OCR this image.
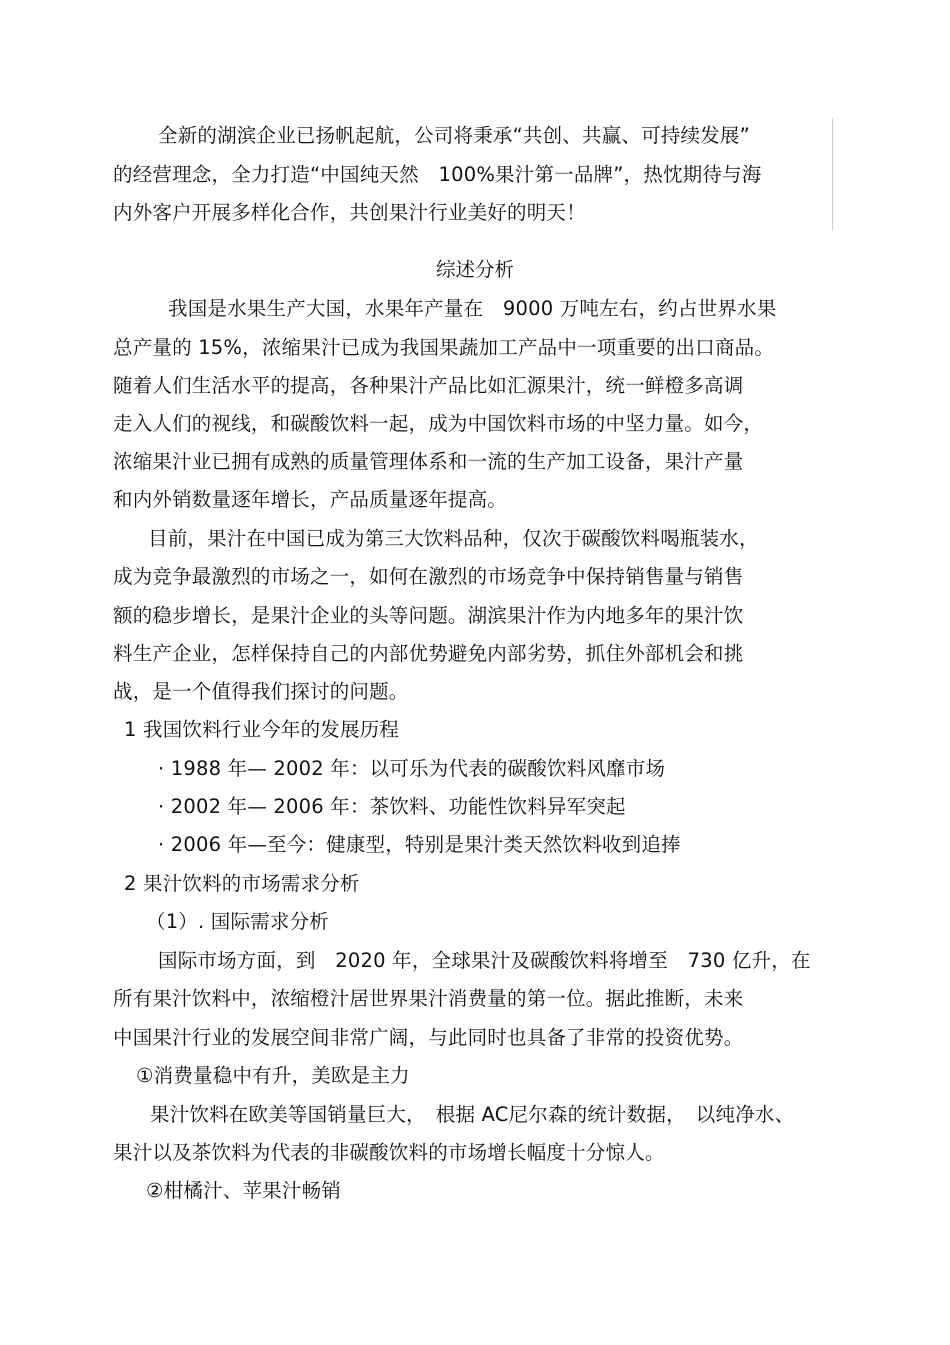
全新的湖滨企业已扬帆起航，公司将秉承“共创、共赢、可持续发展”
的经营理念，全力打造“中国纯天然　100%果汁第一品牌”，热忱期待与海
内外客户开展多样化合作，共创果汁行业美好的明天！
综述分析
我国是水果生产大国，水果年产量在　9000 万吨左右，约占世界水果
总产量的 15%，浓缩果汁已成为我国果蔬加工产品中一项重要的出口商品。
随着人们生活水平的提高，各种果汁产品比如汇源果汁，统一鲜橙多高调
走入人们的视线，和碳酸饮料一起，成为中国饮料市场的中坚力量。如今，
浓缩果汁业已拥有成熟的质量管理体系和一流的生产加工设备，果汁产量
和内外销数量逐年增长，产品质量逐年提高。
目前，果汁在中国已成为第三大饮料品种，仅次于碳酸饮料喝瓶装水，
成为竞争最激烈的市场之一，如何在激烈的市场竞争中保持销售量与销售
额的稳步增长，是果汁企业的头等问题。湖滨果汁作为内地多年的果汁饮
料生产企业，怎样保持自己的内部优势避免内部劣势，抓住外部机会和挑
战，是一个值得我们探讨的问题。
1 我国饮料行业今年的发展历程
· 1988 年— 2002 年：以可乐为代表的碳酸饮料风靡市场
· 2002 年— 2006 年：茶饮料、功能性饮料异军突起
· 2006 年—至今：健康型，特别是果汁类天然饮料收到追捧
2 果汁饮料的市场需求分析
（1）. 国际需求分析
国际市场方面，到　2020 年，全球果汁及碳酸饮料将增至　730 亿升，在
所有果汁饮料中，浓缩橙汁居世界果汁消费量的第一位。据此推断，未来
中国果汁行业的发展空间非常广阔，与此同时也具备了非常的投资优势。
①消费量稳中有升，美欧是主力
果汁饮料在欧美等国销量巨大，　根据 AC尼尔森的统计数据，　以纯净水、
果汁以及茶饮料为代表的非碳酸饮料的市场增长幅度十分惊人。
②柑橘汁、苹果汁畅销
